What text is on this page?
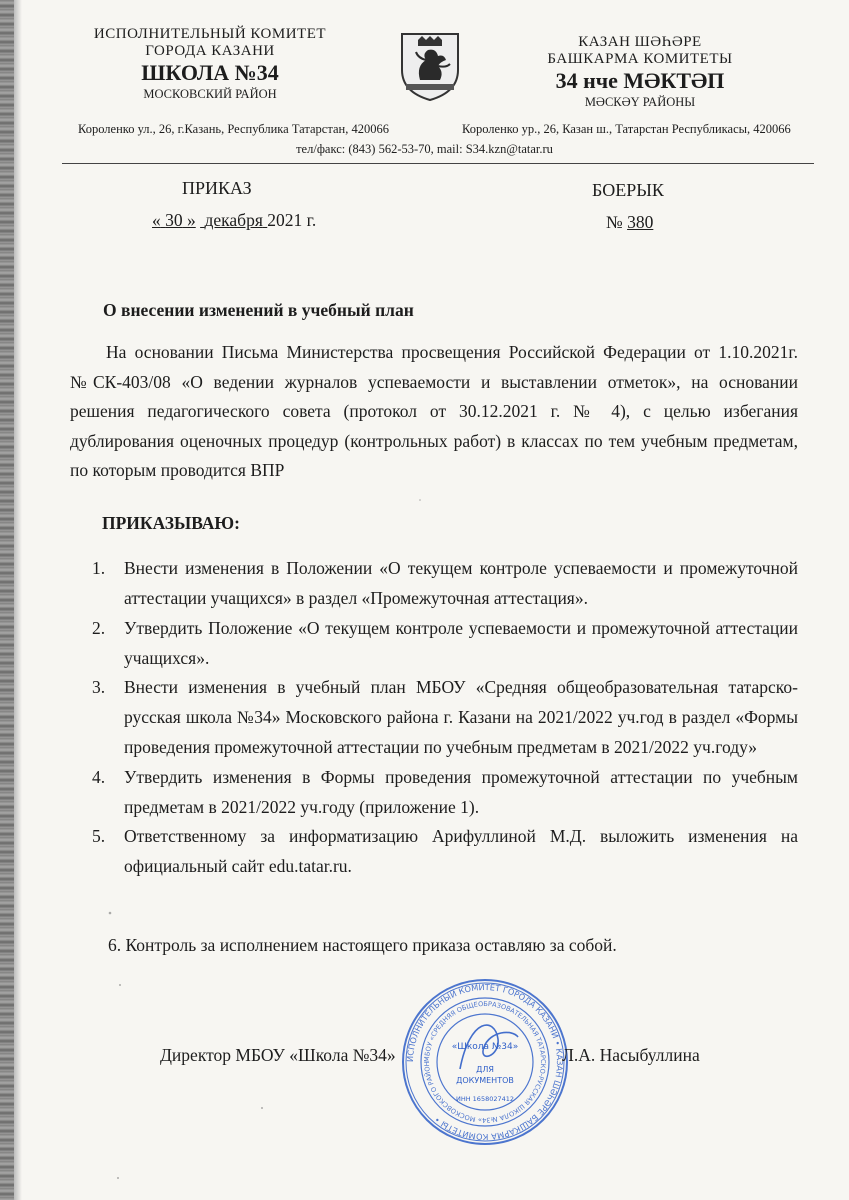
ИСПОЛНИТЕЛЬНЫЙ КОМИТЕТ
ГОРОДА КАЗАНИ
ШКОЛА №34
МОСКОВСКИЙ РАЙОН
КАЗАН ШӘҺӘРЕ
БАШКАРМА КОМИТЕТЫ
34 нче МӘКТӘП
МӘСКӘҮ РАЙОНЫ
Короленко ул., 26, г.Казань, Республика Татарстан, 420066	Короленко ур., 26, Казан ш., Татарстан Республикасы, 420066
тел/факс: (843) 562-53-70, mail: S34.kzn@tatar.ru
ПРИКАЗ
« 30 » декабря 2021 г.
БОЕРЫК
№ 380
О внесении изменений в учебный план
На основании Письма Министерства просвещения Российской Федерации от 1.10.2021г. №СК-403/08 «О ведении журналов успеваемости и выставлении отметок», на основании решения педагогического совета (протокол от 30.12.2021 г. № 4), с целью избегания дублирования оценочных процедур (контрольных работ) в классах по тем учебным предметам, по которым проводится ВПР
ПРИКАЗЫВАЮ:
1.	Внести изменения в Положении «О текущем контроле успеваемости и промежуточной аттестации учащихся» в раздел «Промежуточная аттестация».
2.	Утвердить Положение «О текущем контроле успеваемости и промежуточной аттестации учащихся».
3.	Внести изменения в учебный план МБОУ «Средняя общеобразовательная татарско-русская школа №34» Московского района г. Казани на 2021/2022 уч.год в раздел «Формы проведения промежуточной аттестации по учебным предметам в 2021/2022 уч.году»
4.	Утвердить изменения в Формы проведения промежуточной аттестации по учебным предметам в 2021/2022 уч.году (приложение 1).
5.	Ответственному за информатизацию Арифуллиной М.Д. выложить изменения на официальный сайт edu.tatar.ru.
6. Контроль за исполнением настоящего приказа оставляю за собой.
ИСПОЛНИТЕЛЬНЫЙ КОМИТЕТ ГОРОДА КАЗАНИ • КАЗАН ШӘҺӘРЕ БАШКАРМА КОМИТЕТЫ •
МБОУ «СРЕДНЯЯ ОБЩЕОБРАЗОВАТЕЛЬНАЯ ТАТАРСКО-РУССКАЯ ШКОЛА №34» МОСКОВСКОГО РАЙОН
«Школа №34»
ДЛЯ
ДОКУМЕНТОВ
ИНН 1658027412
Директор МБОУ «Школа №34»	Л.А. Насыбуллина
